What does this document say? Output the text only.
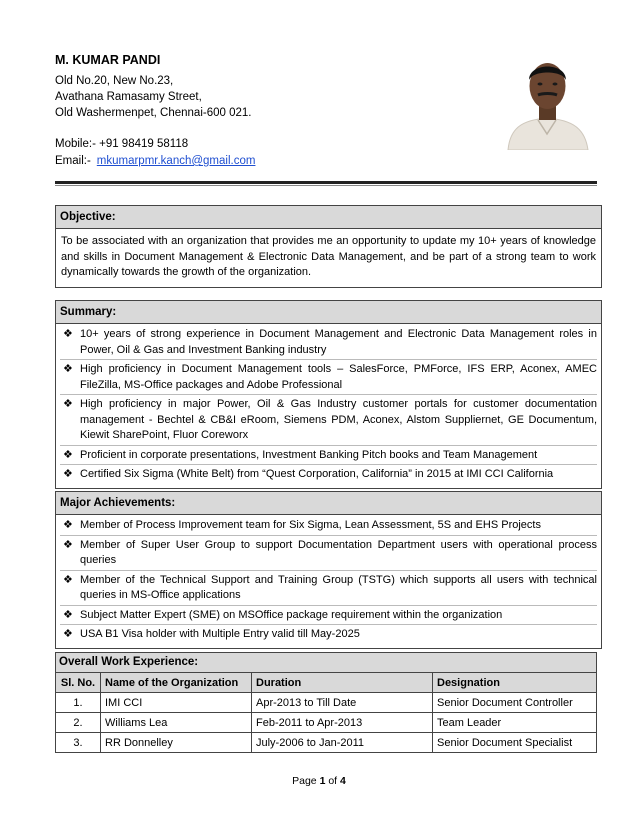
M. KUMAR PANDI
Old No.20, New No.23,
Avathana Ramasamy Street,
Old Washermenpet, Chennai-600 021.
Mobile:- +91 98419 58118
Email:- mkumarpmr.kanch@gmail.com
Objective:
To be associated with an organization that provides me an opportunity to update my 10+ years of knowledge and skills in Document Management & Electronic Data Management, and be part of a strong team to work dynamically towards the growth of the organization.
Summary:
❖ 10+ years of strong experience in Document Management and Electronic Data Management roles in Power, Oil & Gas and Investment Banking industry
❖ High proficiency in Document Management tools – SalesForce, PMForce, IFS ERP, Aconex, AMEC FileZilla, MS-Office packages and Adobe Professional
❖ High proficiency in major Power, Oil & Gas Industry customer portals for customer documentation management - Bechtel & CB&I eRoom, Siemens PDM, Aconex, Alstom Suppliernet, GE Documentum, Kiewit SharePoint, Fluor Coreworx
❖ Proficient in corporate presentations, Investment Banking Pitch books and Team Management
❖ Certified Six Sigma (White Belt) from “Quest Corporation, California” in 2015 at IMI CCI California
Major Achievements:
❖ Member of Process Improvement team for Six Sigma, Lean Assessment, 5S and EHS Projects
❖ Member of Super User Group to support Documentation Department users with operational process queries
❖ Member of the Technical Support and Training Group (TSTG) which supports all users with technical queries in MS-Office applications
❖ Subject Matter Expert (SME) on MSOffice package requirement within the organization
❖ USA B1 Visa holder with Multiple Entry valid till May-2025
Overall Work Experience:
Sl. No.	Name of the Organization	Duration	Designation
1.	IMI CCI	Apr-2013 to Till Date	Senior Document Controller
2.	Williams Lea	Feb-2011 to Apr-2013	Team Leader
3.	RR Donnelley	July-2006 to Jan-2011	Senior Document Specialist
Page 1 of 4
